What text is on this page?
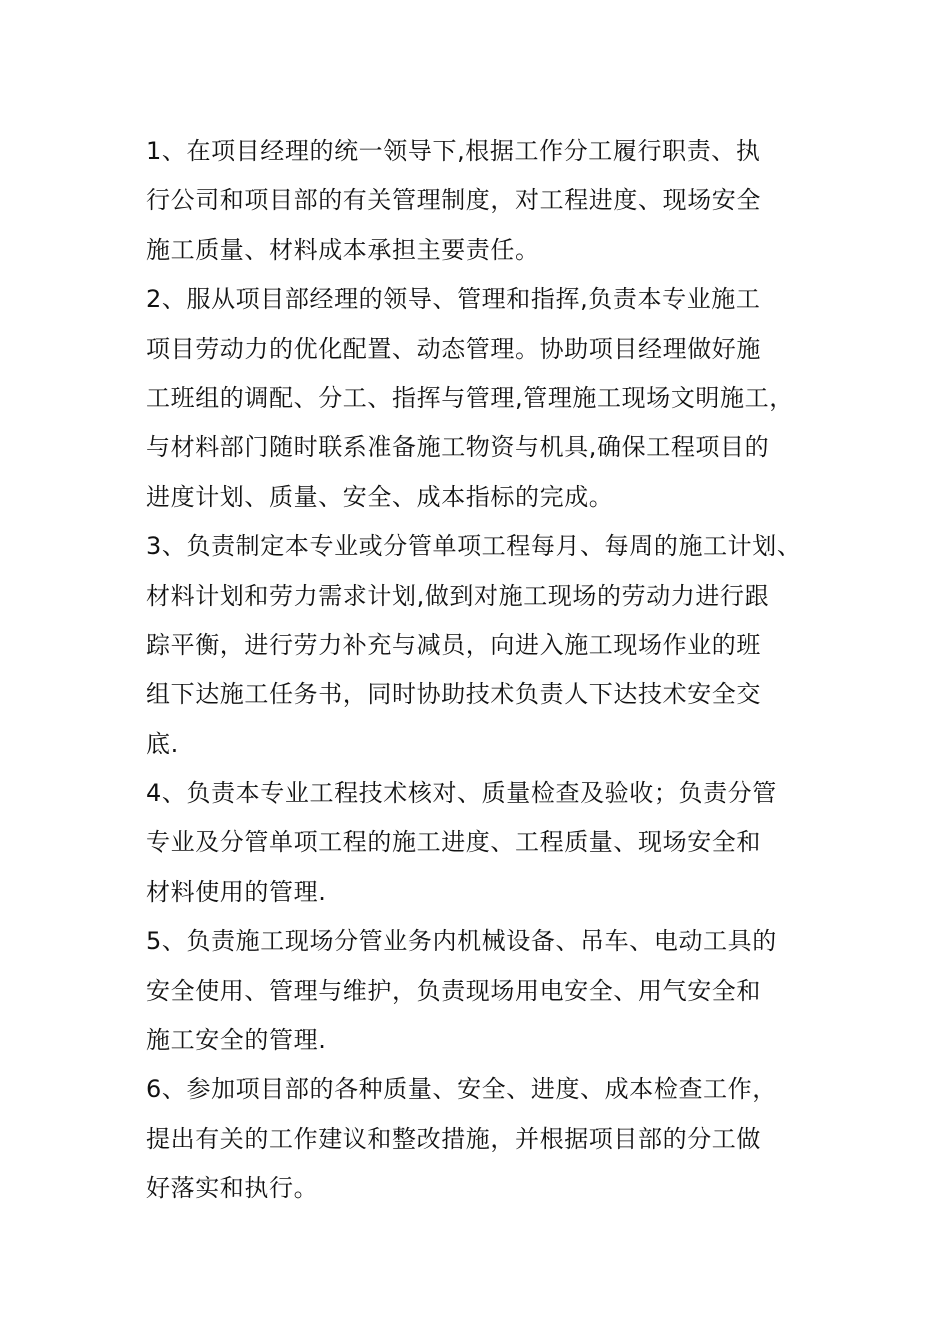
1、在项目经理的统一领导下,根据工作分工履行职责、执
行公司和项目部的有关管理制度，对工程进度、现场安全
施工质量、材料成本承担主要责任。
2、服从项目部经理的领导、管理和指挥,负责本专业施工
项目劳动力的优化配置、动态管理。协助项目经理做好施
工班组的调配、分工、指挥与管理,管理施工现场文明施工，
与材料部门随时联系准备施工物资与机具,确保工程项目的
进度计划、质量、安全、成本指标的完成。
3、负责制定本专业或分管单项工程每月、每周的施工计划、
材料计划和劳力需求计划,做到对施工现场的劳动力进行跟
踪平衡，进行劳力补充与减员，向进入施工现场作业的班
组下达施工任务书，同时协助技术负责人下达技术安全交
底.
4、负责本专业工程技术核对、质量检查及验收；负责分管
专业及分管单项工程的施工进度、工程质量、现场安全和
材料使用的管理.
5、负责施工现场分管业务内机械设备、吊车、电动工具的
安全使用、管理与维护，负责现场用电安全、用气安全和
施工安全的管理.
6、参加项目部的各种质量、安全、进度、成本检查工作，
提出有关的工作建议和整改措施，并根据项目部的分工做
好落实和执行。
